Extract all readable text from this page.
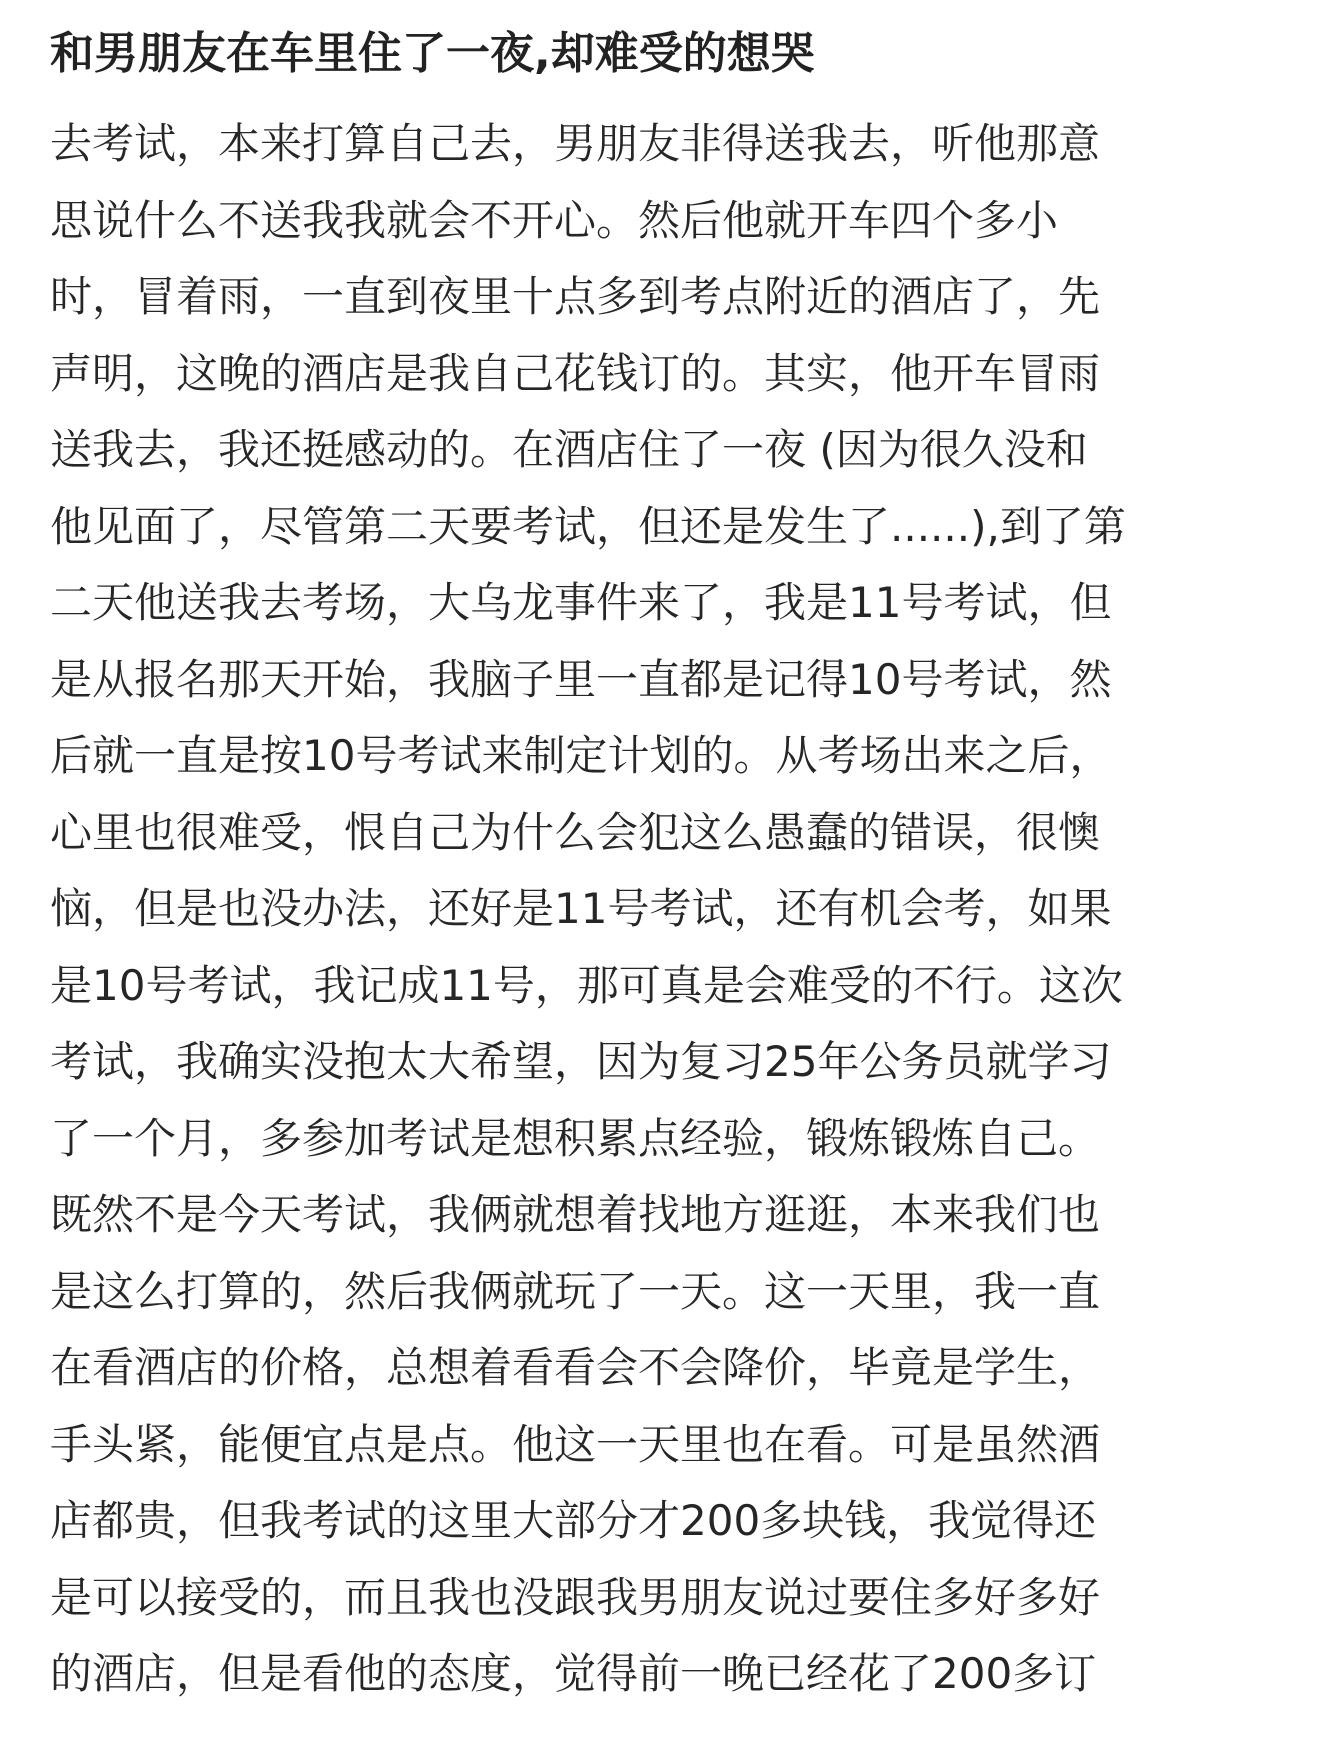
和男朋友在车里住了一夜,却难受的想哭
去考试，本来打算自己去，男朋友非得送我去，听他那意
思说什么不送我我就会不开心。然后他就开车四个多小
时，冒着雨，一直到夜里十点多到考点附近的酒店了，先
声明，这晚的酒店是我自己花钱订的。其实，他开车冒雨
送我去，我还挺感动的。在酒店住了一夜 (因为很久没和
他见面了，尽管第二天要考试，但还是发生了......),到了第
二天他送我去考场，大乌龙事件来了，我是11号考试，但
是从报名那天开始，我脑子里一直都是记得10号考试，然
后就一直是按10号考试来制定计划的。从考场出来之后，
心里也很难受，恨自己为什么会犯这么愚蠢的错误，很懊
恼，但是也没办法，还好是11号考试，还有机会考，如果
是10号考试，我记成11号，那可真是会难受的不行。这次
考试，我确实没抱太大希望，因为复习25年公务员就学习
了一个月，多参加考试是想积累点经验，锻炼锻炼自己。
既然不是今天考试，我俩就想着找地方逛逛，本来我们也
是这么打算的，然后我俩就玩了一天。这一天里，我一直
在看酒店的价格，总想着看看会不会降价，毕竟是学生，
手头紧，能便宜点是点。他这一天里也在看。可是虽然酒
店都贵，但我考试的这里大部分才200多块钱，我觉得还
是可以接受的，而且我也没跟我男朋友说过要住多好多好
的酒店，但是看他的态度，觉得前一晚已经花了200多订
